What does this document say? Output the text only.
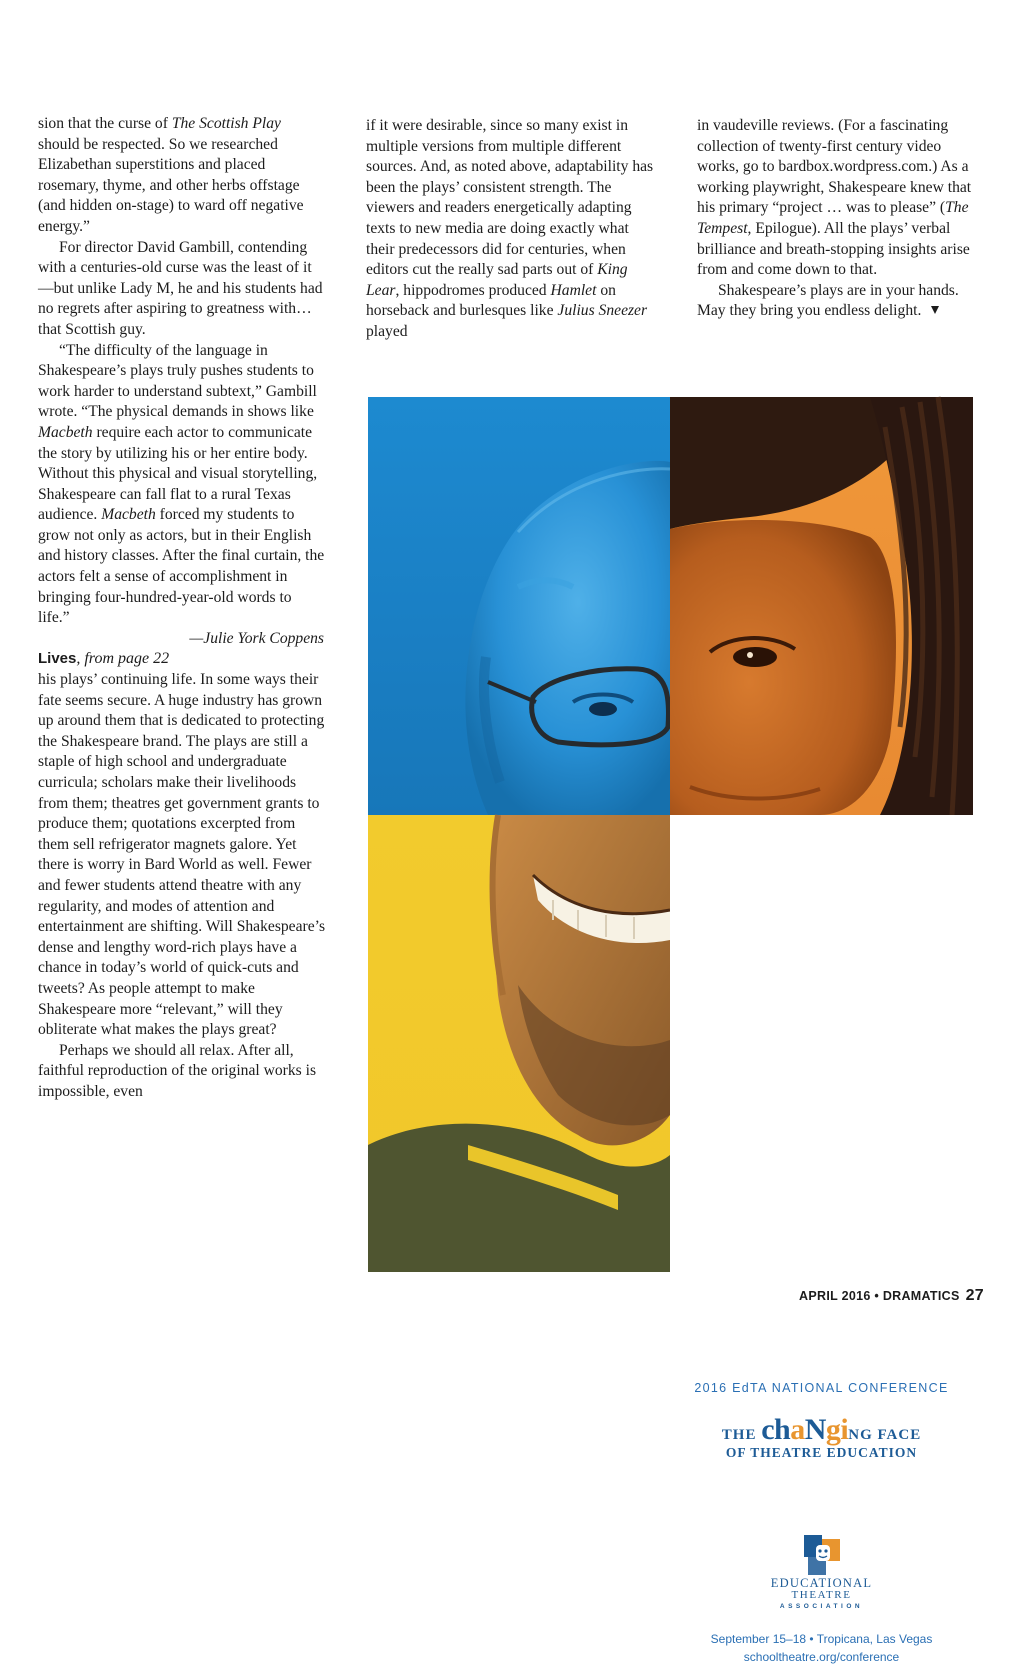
sion that the curse of The Scottish Play should be respected. So we researched Elizabethan superstitions and placed rosemary, thyme, and other herbs offstage (and hidden on-stage) to ward off negative energy.”

For director David Gambill, contending with a centuries-old curse was the least of it—but unlike Lady M, he and his students had no regrets after aspiring to greatness with… that Scottish guy.

“The difficulty of the language in Shakespeare’s plays truly pushes students to work harder to understand subtext,” Gambill wrote. “The physical demands in shows like Macbeth require each actor to communicate the story by utilizing his or her entire body. Without this physical and visual storytelling, Shakespeare can fall flat to a rural Texas audience. Macbeth forced my students to grow not only as actors, but in their English and history classes. After the final curtain, the actors felt a sense of accomplishment in bringing four-hundred-year-old words to life.”

—Julie York Coppens

Lives, from page 22

his plays’ continuing life. In some ways their fate seems secure. A huge industry has grown up around them that is dedicated to protecting the Shakespeare brand. The plays are still a staple of high school and undergraduate curricula; scholars make their livelihoods from them; theatres get government grants to produce them; quotations excerpted from them sell refrigerator magnets galore. Yet there is worry in Bard World as well. Fewer and fewer students attend theatre with any regularity, and modes of attention and entertainment are shifting. Will Shakespeare’s dense and lengthy word-rich plays have a chance in today’s world of quick-cuts and tweets? As people attempt to make Shakespeare more “relevant,” will they obliterate what makes the plays great?

Perhaps we should all relax. After all, faithful reproduction of the original works is impossible, even

if it were desirable, since so many exist in multiple versions from multiple different sources. And, as noted above, adaptability has been the plays’ consistent strength. The viewers and readers energetically adapting texts to new media are doing exactly what their predecessors did for centuries, when editors cut the really sad parts out of King Lear, hippodromes produced Hamlet on horseback and burlesques like Julius Sneezer played

in vaudeville reviews. (For a fascinating collection of twenty-first century video works, go to bardbox.wordpress.com.) As a working playwright, Shakespeare knew that his primary “project … was to please” (The Tempest, Epilogue). All the plays’ verbal brilliance and breath-stopping insights arise from and come down to that.

Shakespeare’s plays are in your hands. May they bring you endless delight.

2016 EdTA NATIONAL CONFERENCE
THE chaNgiNG FACE
OF THEATRE EDUCATION
EDUCATIONAL
THEATRE
ASSOCIATION
September 15–18 • Tropicana, Las Vegas
schooltheatre.org/conference
APRIL 2016 • DRAMATICS 27
